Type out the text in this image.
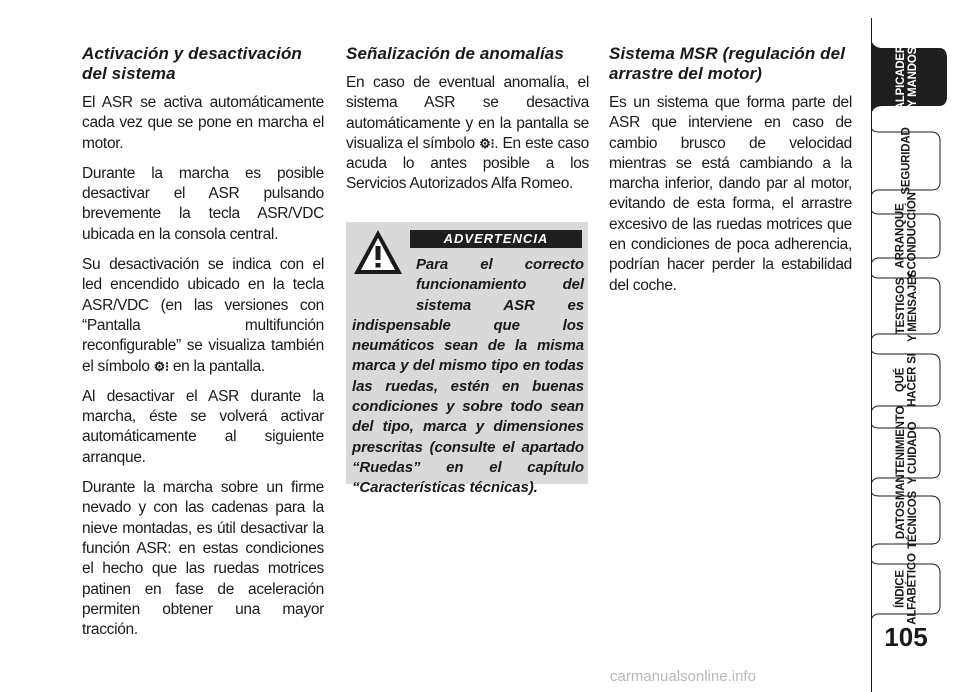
Activación y desactivación del sistema

El ASR se activa automáticamente cada vez que se pone en marcha el motor.

Durante la marcha es posible desactivar el ASR pulsando brevemente la tecla ASR/VDC ubicada en la consola central.

Su desactivación se indica con el led encendido ubicado en la tecla ASR/VDC (en las versiones con “Pantalla multifunción reconfigurable” se visualiza también el símbolo ⚙⁝ en la pantalla.

Al desactivar el ASR durante la marcha, éste se volverá activar automáticamente al siguiente arranque.

Durante la marcha sobre un firme nevado y con las cadenas para la nieve montadas, es útil desactivar la función ASR: en estas condiciones el hecho que las ruedas motrices patinen en fase de aceleración permiten obtener una mayor tracción.

Señalización de anomalías

En caso de eventual anomalía, el sistema ASR se desactiva automáticamente y en la pantalla se visualiza el símbolo ⚙⁝. En este caso acuda lo antes posible a los Servicios Autorizados Alfa Romeo.

ADVERTENCIA
Para el correcto funcionamiento del sistema ASR es indispensable que los neumáticos sean de la misma marca y del mismo tipo en todas las ruedas, estén en buenas condiciones y sobre todo sean del tipo, marca y dimensiones prescritas (consulte el apartado “Ruedas” en el capítulo “Características técnicas).
Sistema MSR (regulación del arrastre del motor)

Es un sistema que forma parte del ASR que interviene en caso de cambio brusco de velocidad mientras se está cambiando a la marcha inferior, dando par al motor, evitando de esta forma, el arrastre excesivo de las ruedas motrices que en condiciones de poca adherencia, podrían hacer perder la estabilidad del coche.

SALPICADERO
Y MANDOS
SEGURIDAD
ARRANQUE
Y CONDUCCIÓN
TESTIGOS
Y MENSAJES
QUÉ
HACER SI
MANTENIMIENTO
Y CUIDADO
DATOS
TÉCNICOS
ÍNDICE
ALFABÉTICO
105
carmanualsonline.info
